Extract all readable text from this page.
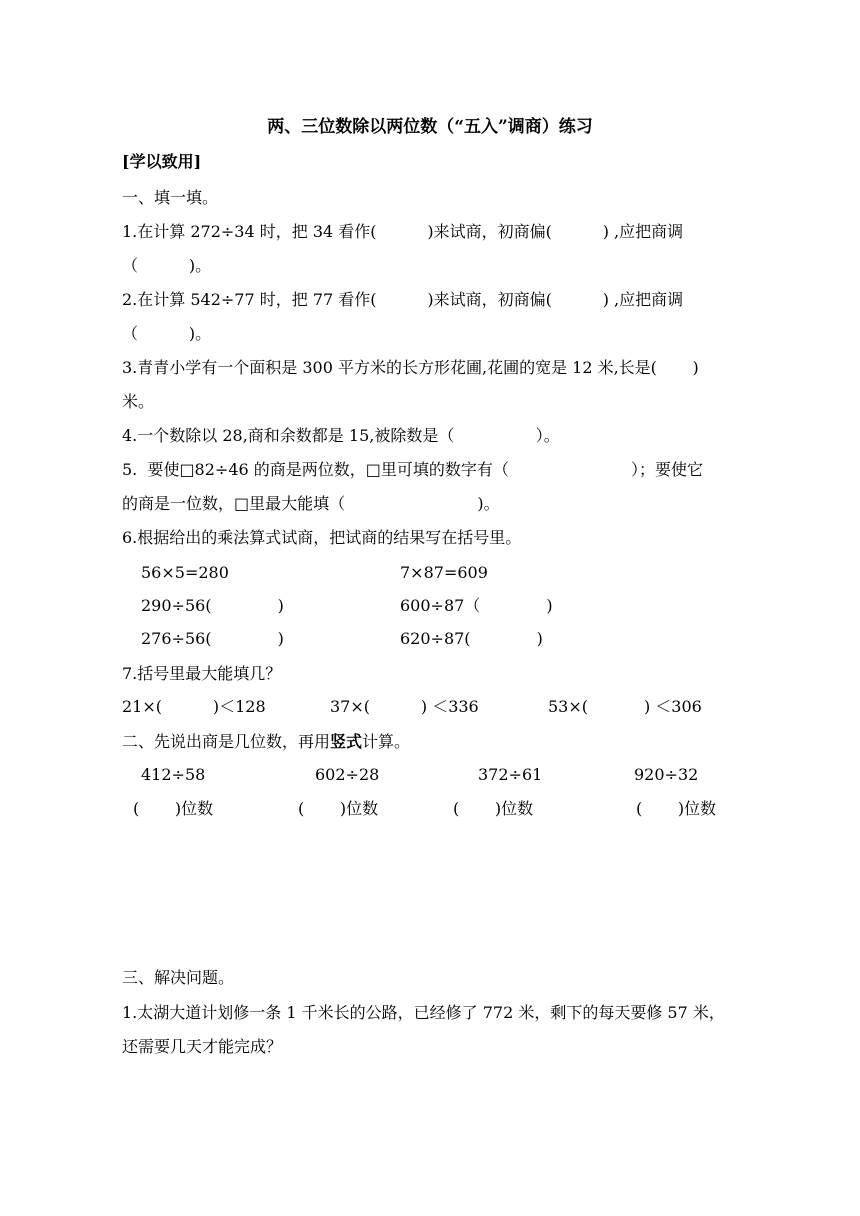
两、三位数除以两位数（“五入”调商）练习
[学以致用]
一、填一填。
1.在计算 272÷34 时，把 34 看作(          )来试商，初商偏(          ) ,应把商调
（          )。
2.在计算 542÷77 时，把 77 看作(          )来试商，初商偏(          ) ,应把商调
（          )。
3.青青小学有一个面积是 300 平方米的长方形花圃,花圃的宽是 12 米,长是(       )
米。
4.一个数除以 28,商和余数都是 15,被除数是（                ）。
5.  要使□82÷46 的商是两位数，□里可填的数字有（                        ）；要使它
的商是一位数，□里最大能填（                          )。
6.根据给出的乘法算式试商，把试商的结果写在括号里。
56×5=280	7×87=609
290÷56(             )	600÷87（             )
276÷56(             )	620÷87(             )
7.括号里最大能填几？
21×(          )＜128	37×(          ) ＜336	53×(           ) ＜306
二、先说出商是几位数，再用竖式计算。
412÷58	602÷28	372÷61	920÷32
(       )位数	(       )位数	(       )位数	(       )位数
三、解决问题。
1.太湖大道计划修一条 1 千米长的公路，已经修了 772 米，剩下的每天要修 57 米，
还需要几天才能完成？
